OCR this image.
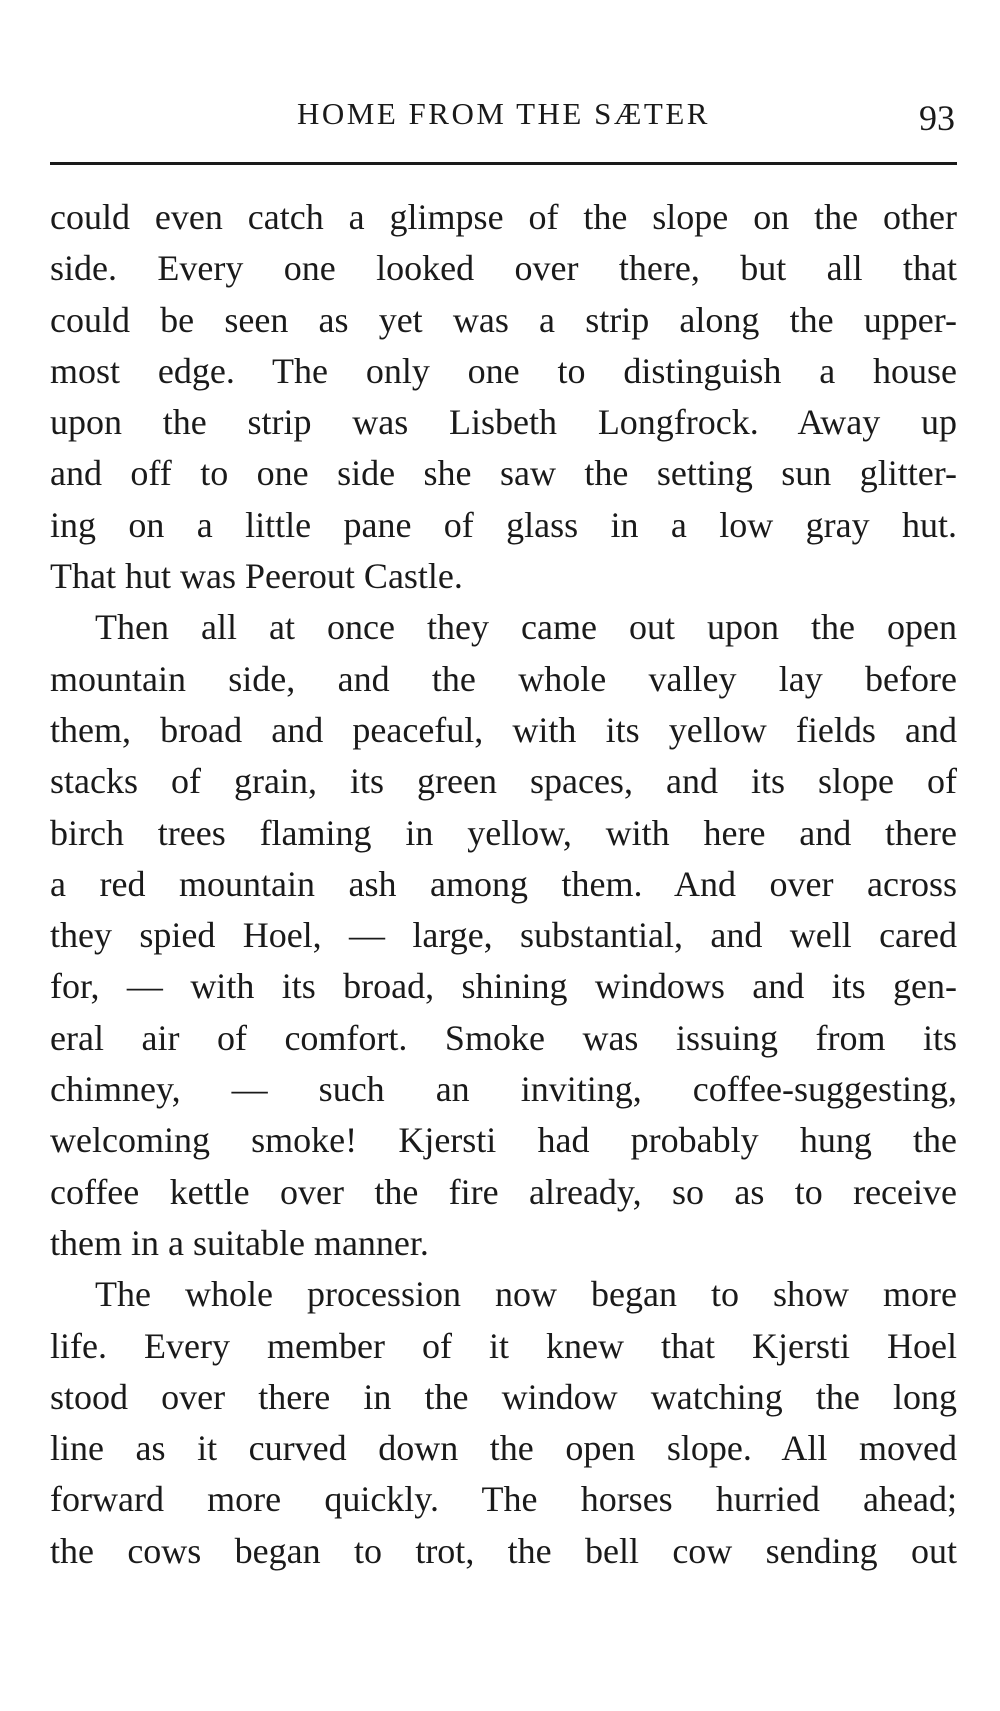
HOME FROM THE SÆTER	93
could even catch a glimpse of the slope on the other
side. Every one looked over there, but all that
could be seen as yet was a strip along the upper-
most edge. The only one to distinguish a house
upon the strip was Lisbeth Longfrock. Away up
and off to one side she saw the setting sun glitter-
ing on a little pane of glass in a low gray hut.
That hut was Peerout Castle.
Then all at once they came out upon the open
mountain side, and the whole valley lay before
them, broad and peaceful, with its yellow fields and
stacks of grain, its green spaces, and its slope of
birch trees flaming in yellow, with here and there
a red mountain ash among them. And over across
they spied Hoel, — large, substantial, and well cared
for, — with its broad, shining windows and its gen-
eral air of comfort. Smoke was issuing from its
chimney, — such an inviting, coffee-suggesting,
welcoming smoke! Kjersti had probably hung the
coffee kettle over the fire already, so as to receive
them in a suitable manner.
The whole procession now began to show more
life. Every member of it knew that Kjersti Hoel
stood over there in the window watching the long
line as it curved down the open slope. All moved
forward more quickly. The horses hurried ahead;
the cows began to trot, the bell cow sending out
